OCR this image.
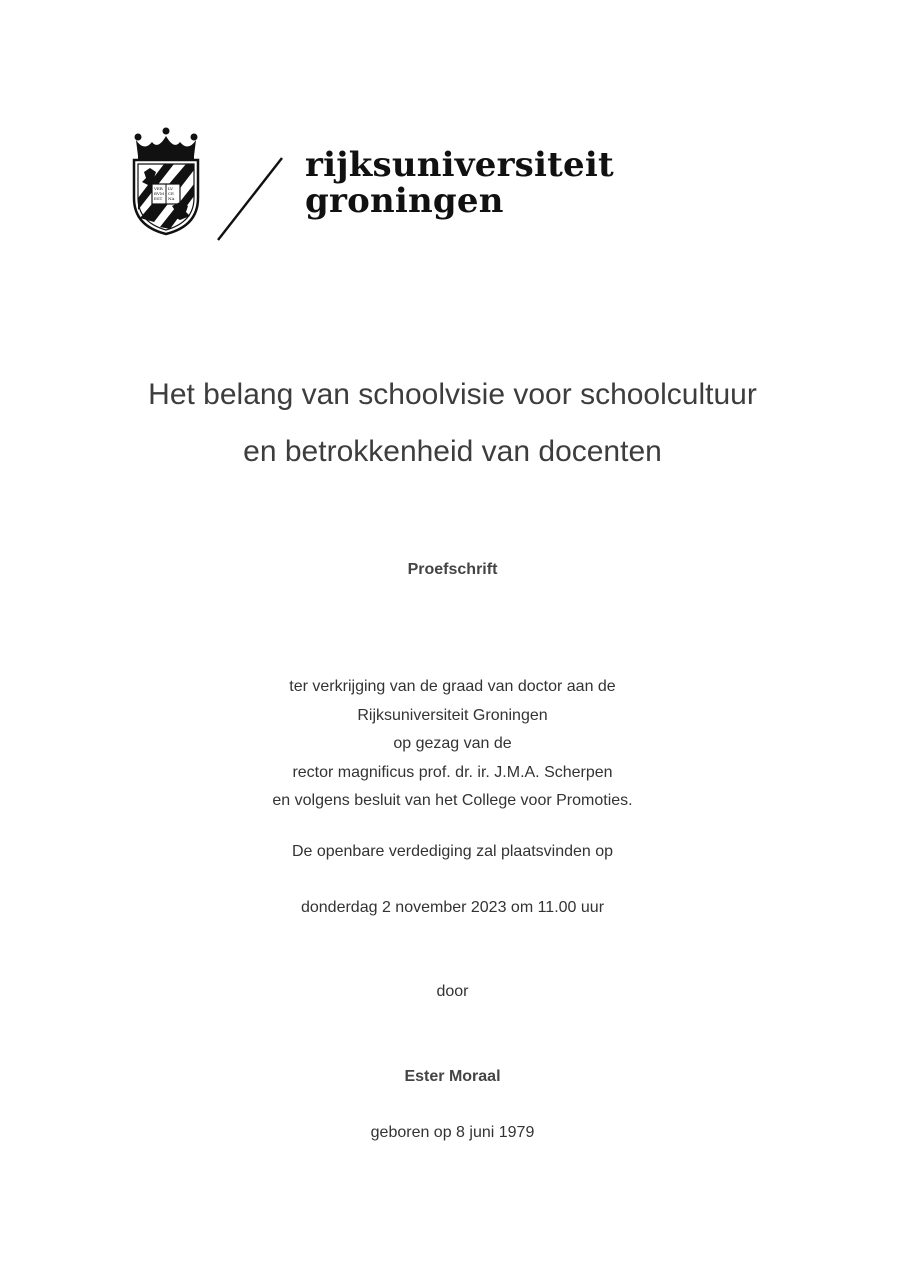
VER
BVM
EST
LV
CE
NA
rijksuniversiteit
groningen
Het belang van schoolvisie voor schoolcultuur
en betrokkenheid van docenten
Proefschrift
ter verkrijging van de graad van doctor aan de
Rijksuniversiteit Groningen
op gezag van de
rector magnificus prof. dr. ir. J.M.A. Scherpen
en volgens besluit van het College voor Promoties.
De openbare verdediging zal plaatsvinden op
donderdag 2 november 2023 om 11.00 uur
door
Ester Moraal
geboren op 8 juni 1979
